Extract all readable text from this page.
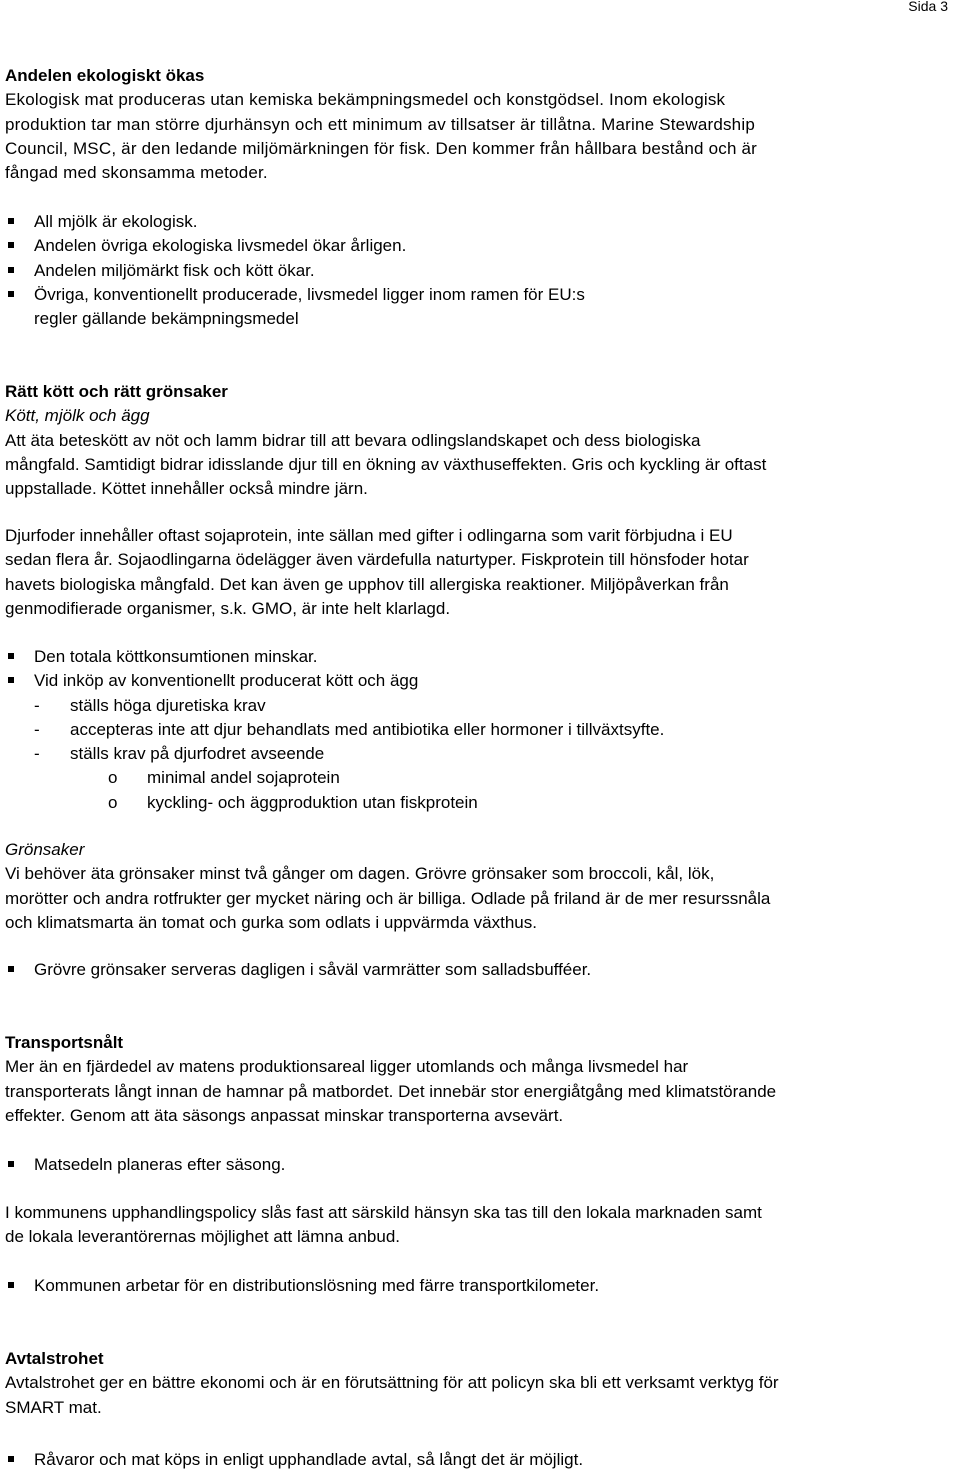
Sida 3
Andelen ekologiskt ökas
Ekologisk mat produceras utan kemiska bekämpningsmedel och konstgödsel. Inom ekologisk
produktion tar man större djurhänsyn och ett minimum av tillsatser är tillåtna. Marine Stewardship
Council, MSC, är den ledande miljömärkningen för fisk. Den kommer från hållbara bestånd och är
fångad med skonsamma metoder.
All mjölk är ekologisk.
Andelen övriga ekologiska livsmedel ökar årligen.
Andelen miljömärkt fisk och kött ökar.
Övriga, konventionellt producerade, livsmedel ligger inom ramen för EU:s
regler gällande bekämpningsmedel
Rätt kött och rätt grönsaker
Kött, mjölk och ägg
Att äta beteskött av nöt och lamm bidrar till att bevara odlingslandskapet och dess biologiska
mångfald. Samtidigt bidrar idisslande djur till en ökning av växthuseffekten. Gris och kyckling är oftast
uppstallade. Köttet innehåller också mindre järn.
Djurfoder innehåller oftast sojaprotein, inte sällan med gifter i odlingarna som varit förbjudna i EU
sedan flera år. Sojaodlingarna ödelägger även värdefulla naturtyper. Fiskprotein till hönsfoder hotar
havets biologiska mångfald. Det kan även ge upphov till allergiska reaktioner. Miljöpåverkan från
genmodifierade organismer, s.k. GMO, är inte helt klarlagd.
Den totala köttkonsumtionen minskar.
Vid inköp av konventionellt producerat kött och ägg
- ställs höga djuretiska krav
- accepteras inte att djur behandlats med antibiotika eller hormoner i tillväxtsyfte.
- ställs krav på djurfodret avseende
o minimal andel sojaprotein
o kyckling- och äggproduktion utan fiskprotein
Grönsaker
Vi behöver äta grönsaker minst två gånger om dagen. Grövre grönsaker som broccoli, kål, lök,
morötter och andra rotfrukter ger mycket näring och är billiga. Odlade på friland är de mer resurssnåla
och klimatsmarta än tomat och gurka som odlats i uppvärmda växthus.
Grövre grönsaker serveras dagligen i såväl varmrätter som salladsbufféer.
Transportsnålt
Mer än en fjärdedel av matens produktionsareal ligger utomlands och många livsmedel har
transporterats långt innan de hamnar på matbordet. Det innebär stor energiåtgång med klimatstörande
effekter. Genom att äta säsongs anpassat minskar transporterna avsevärt.
Matsedeln planeras efter säsong.
I kommunens upphandlingspolicy slås fast att särskild hänsyn ska tas till den lokala marknaden samt
de lokala leverantörernas möjlighet att lämna anbud.
Kommunen arbetar för en distributionslösning med färre transportkilometer.
Avtalstrohet
Avtalstrohet ger en bättre ekonomi och är en förutsättning för att policyn ska bli ett verksamt verktyg för
SMART mat.
Råvaror och mat köps in enligt upphandlade avtal, så långt det är möjligt.
